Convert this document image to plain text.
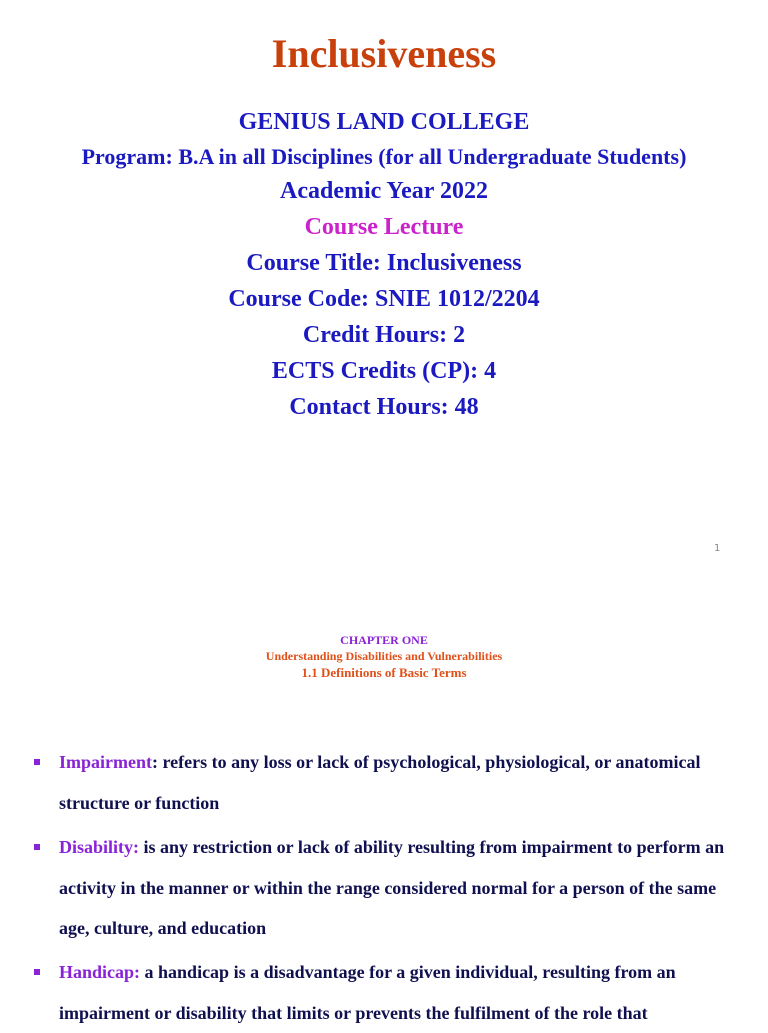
Inclusiveness
GENIUS LAND COLLEGE
Program: B.A in all Disciplines (for all Undergraduate Students)
Academic Year 2022
Course Lecture
Course Title: Inclusiveness
Course Code: SNIE 1012/2204
Credit Hours: 2
ECTS Credits (CP): 4
Contact Hours: 48
1
CHAPTER ONE
Understanding Disabilities and Vulnerabilities
1.1 Definitions of Basic Terms
Impairment: refers to any loss or lack of psychological, physiological, or anatomical structure or function
Disability: is any restriction or lack of ability resulting from impairment to perform an activity in the manner or within the range considered normal for a person of the same age, culture, and education
Handicap: a handicap is a disadvantage for a given individual, resulting from an impairment or disability that limits or prevents the fulfilment of the role that
